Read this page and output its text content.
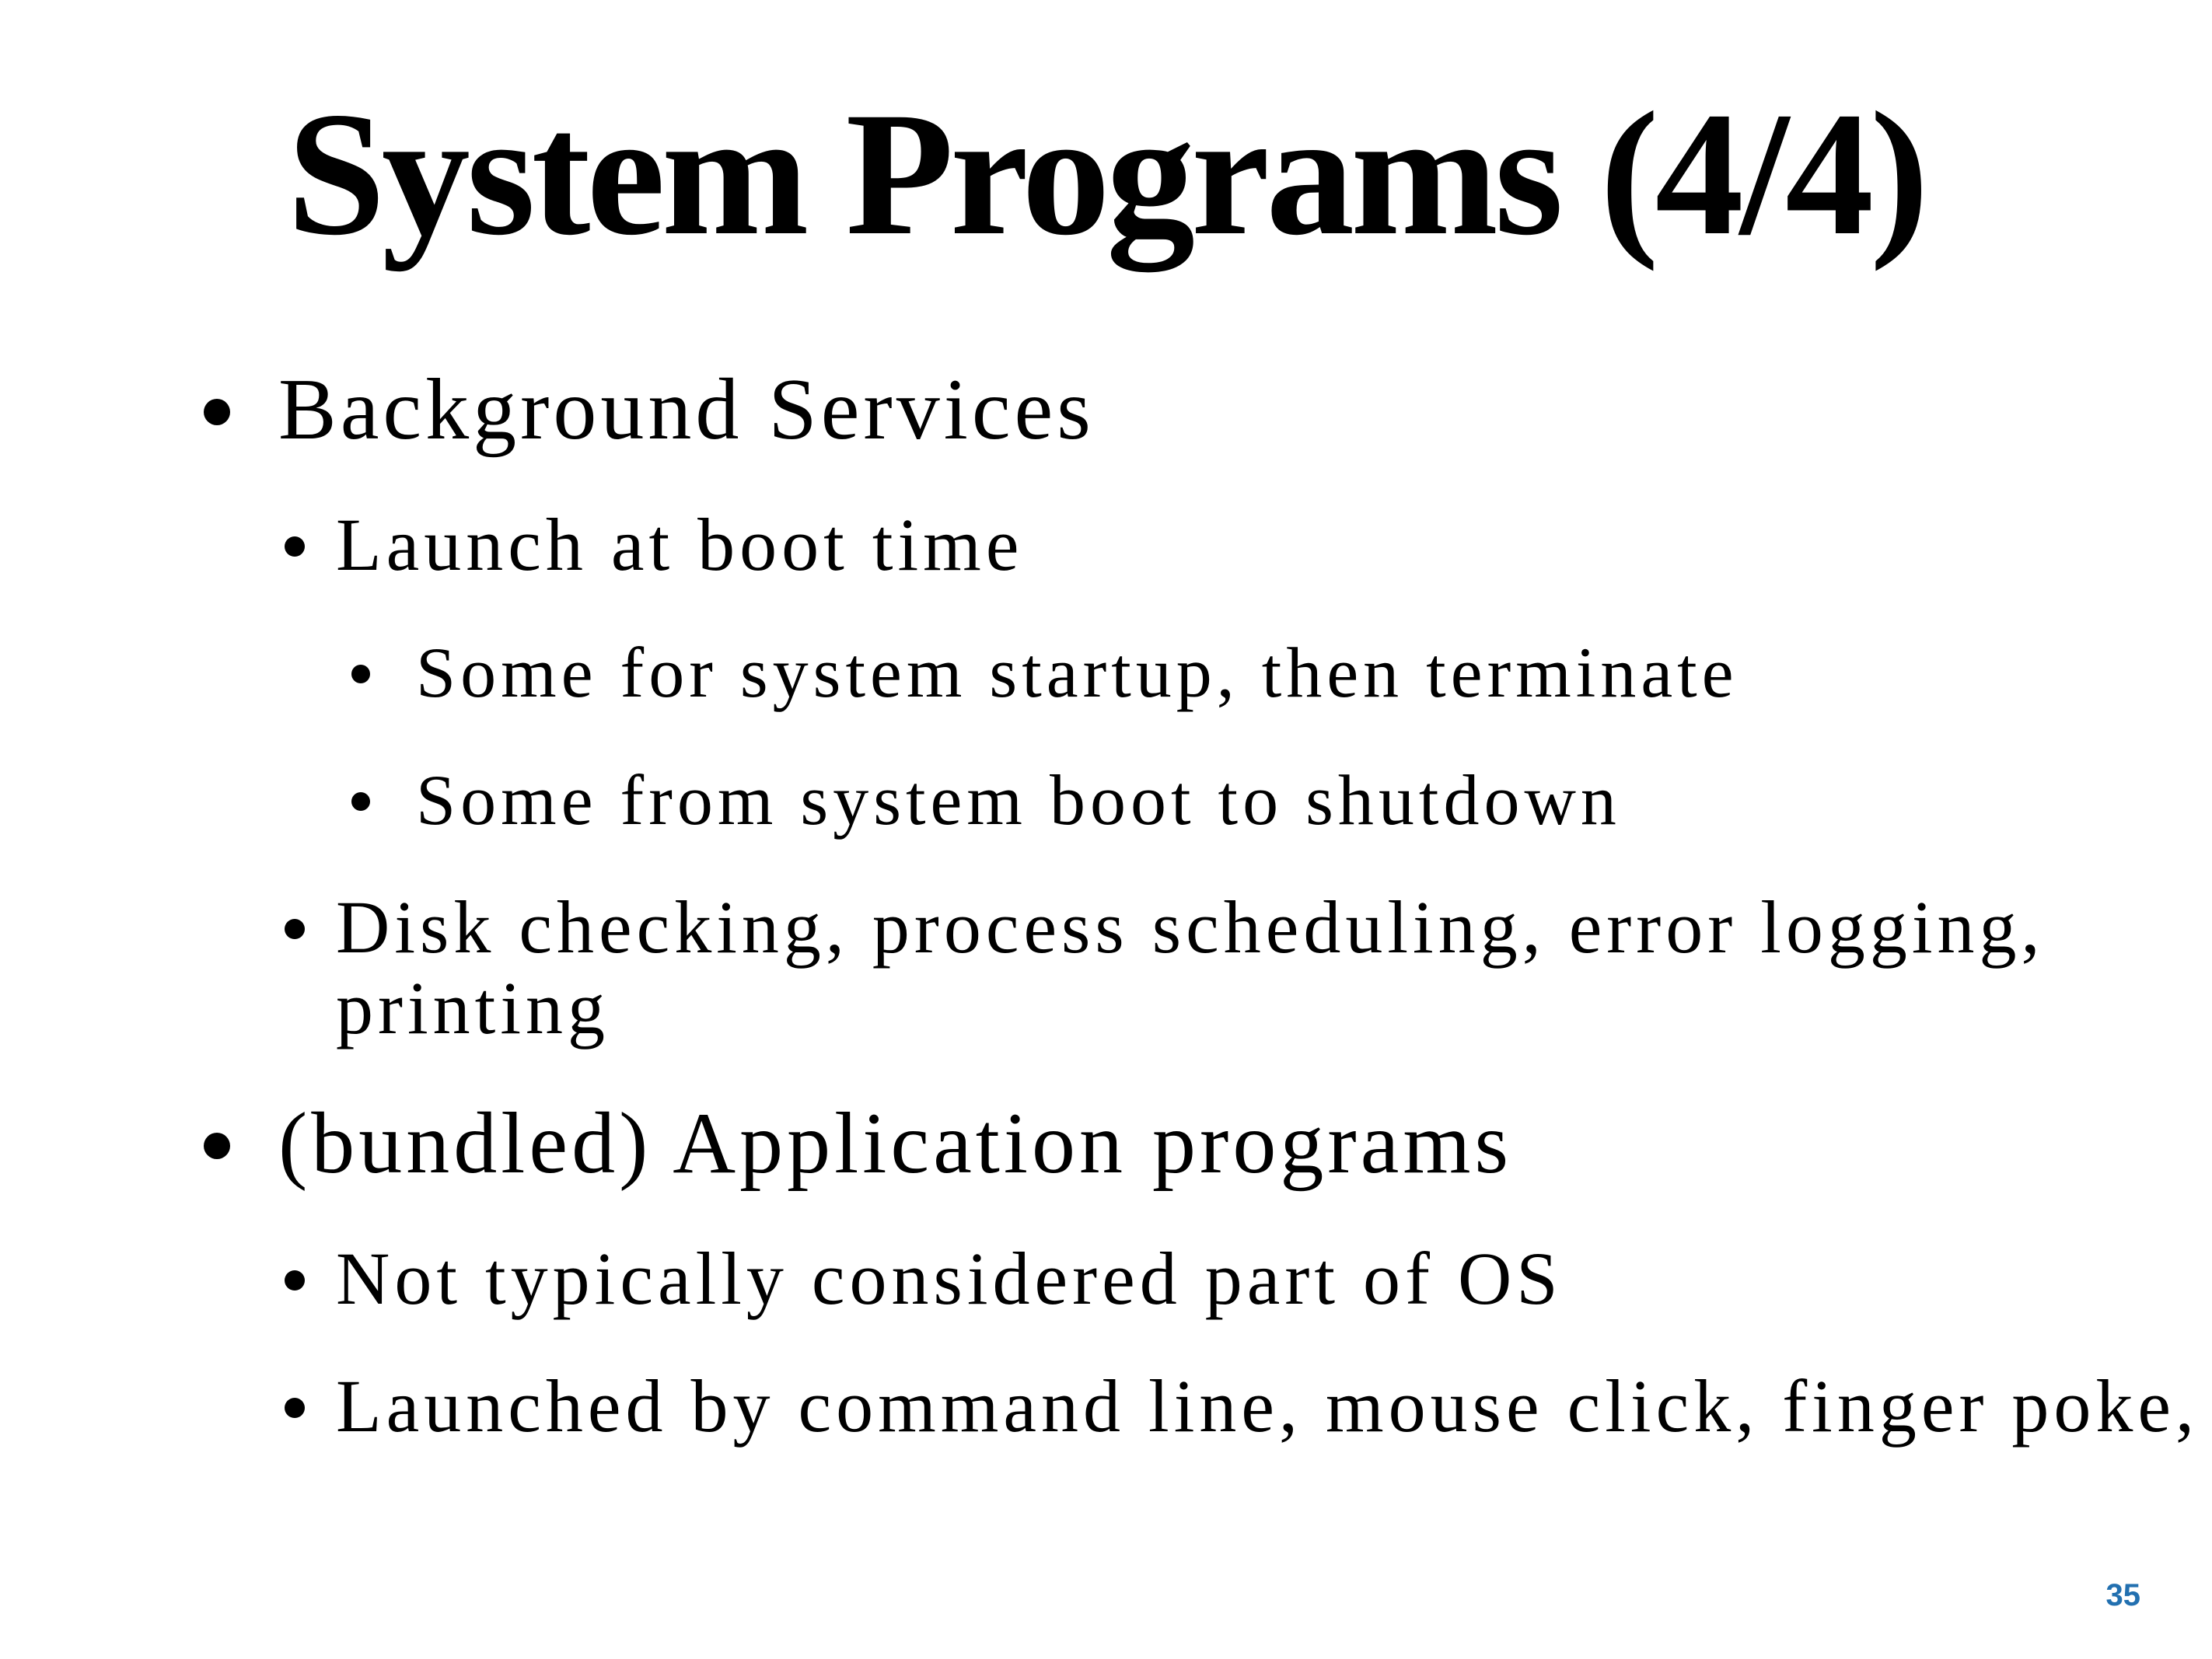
System Programs (4/4)
Background Services
Launch at boot time
Some for system startup, then terminate
Some from system boot to shutdown
Disk checking, process scheduling, error logging,
printing
(bundled) Application programs
Not typically considered part of OS
Launched by command line, mouse click, finger poke,
35
